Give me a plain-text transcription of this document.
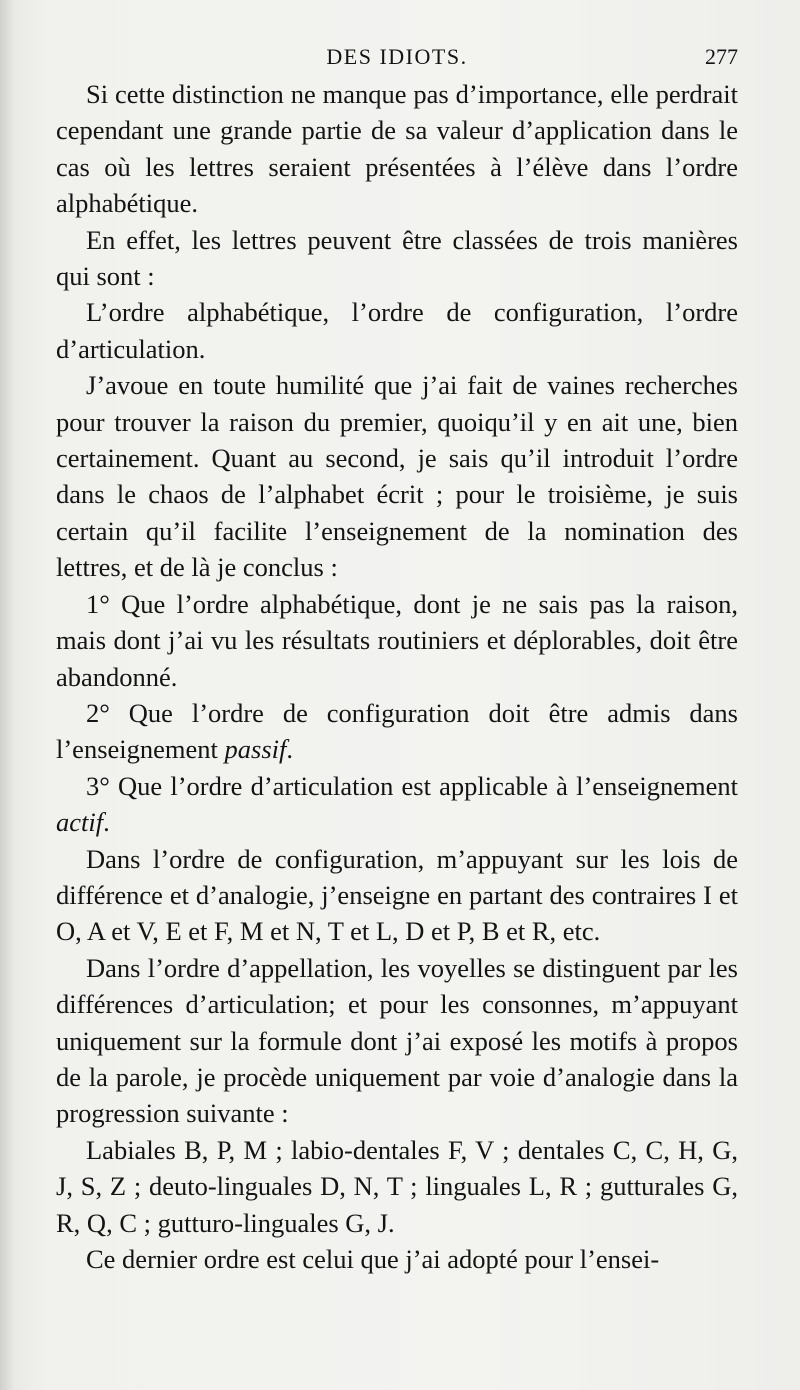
DES IDIOTS.	277

Si cette distinction ne manque pas d’importance, elle perdrait cependant une grande partie de sa valeur d’application dans le cas où les lettres seraient présentées à l’élève dans l’ordre alphabétique.

En effet, les lettres peuvent être classées de trois manières qui sont :

L’ordre alphabétique, l’ordre de configuration, l’ordre d’articulation.

J’avoue en toute humilité que j’ai fait de vaines recherches pour trouver la raison du premier, quoiqu’il y en ait une, bien certainement. Quant au second, je sais qu’il introduit l’ordre dans le chaos de l’alphabet écrit ; pour le troisième, je suis certain qu’il facilite l’enseignement de la nomination des lettres, et de là je conclus :

1° Que l’ordre alphabétique, dont je ne sais pas la raison, mais dont j’ai vu les résultats routiniers et déplorables, doit être abandonné.

2° Que l’ordre de configuration doit être admis dans l’enseignement passif.

3° Que l’ordre d’articulation est applicable à l’enseignement actif.

Dans l’ordre de configuration, m’appuyant sur les lois de différence et d’analogie, j’enseigne en partant des contraires I et O, A et V, E et F, M et N, T et L, D et P, B et R, etc.

Dans l’ordre d’appellation, les voyelles se distinguent par les différences d’articulation; et pour les consonnes, m’appuyant uniquement sur la formule dont j’ai exposé les motifs à propos de la parole, je procède uniquement par voie d’analogie dans la progression suivante :

Labiales B, P, M ; labio-dentales F, V ; dentales C, C, H, G, J, S, Z ; deuto-linguales D, N, T ; linguales L, R ; gutturales G, R, Q, C ; gutturo-linguales G, J.

Ce dernier ordre est celui que j’ai adopté pour l’ensei-
